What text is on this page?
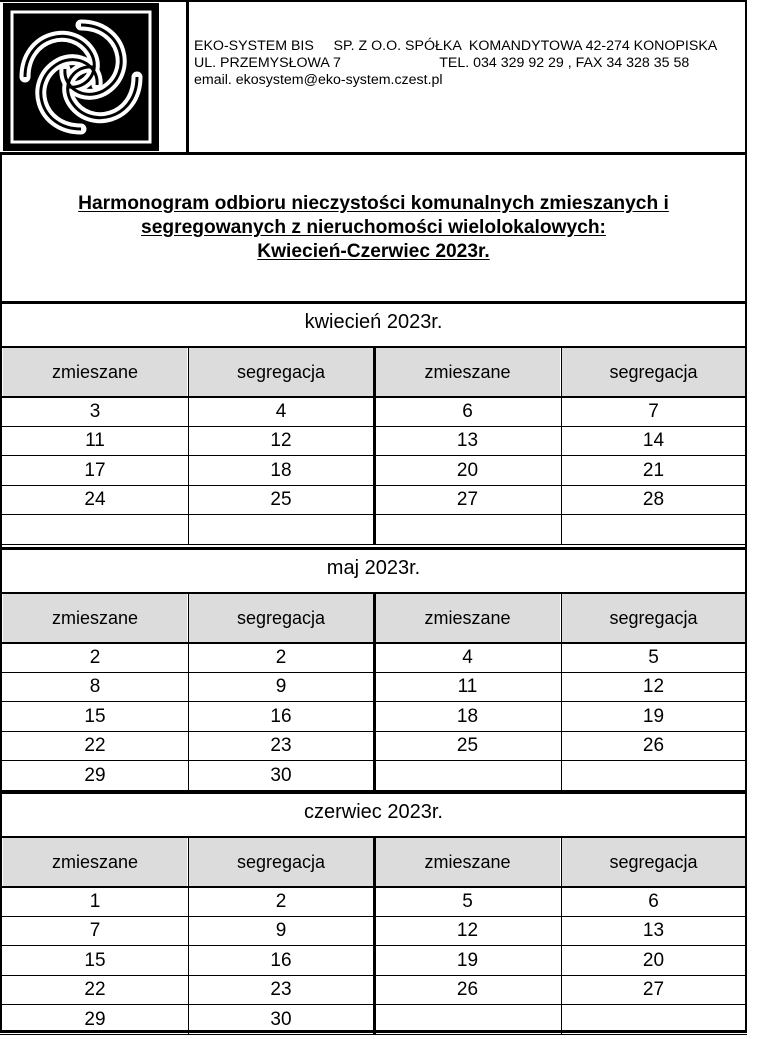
EKO-SYSTEM BIS     SP. Z O.O. SPÓŁKA  KOMANDYTOWA 42-274 KONOPISKA UL. PRZEMYSŁOWA 7                         TEL. 034 329 92 29 , FAX 34 328 35 58           email. ekosystem@eko-system.czest.pl
Harmonogram odbioru nieczystości komunalnych zmieszanych i
segregowanych z nieruchomości wielolokalowych:
Kwiecień-Czerwiec 2023r.
kwiecień 2023r.
zmieszane	segregacja	zmieszane	segregacja
3	4	6	7
11	12	13	14
17	18	20	21
24	25	27	28
maj 2023r.
zmieszane	segregacja	zmieszane	segregacja
2	2	4	5
8	9	11	12
15	16	18	19
22	23	25	26
29	30
czerwiec 2023r.
zmieszane	segregacja	zmieszane	segregacja
1	2	5	6
7	9	12	13
15	16	19	20
22	23	26	27
29	30
